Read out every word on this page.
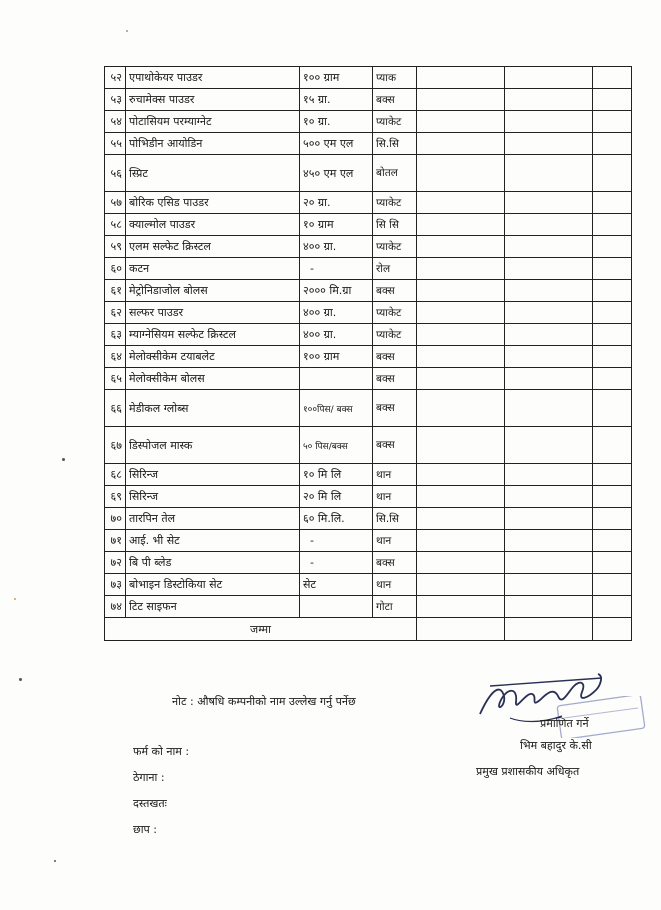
५२	एपाथोकेयर पाउडर	१०० ग्राम	प्याक			
५३	रुचामेक्स पाउडर	१५ ग्रा.	बक्स			
५४	पोटासियम परम्याग्नेट	१० ग्रा.	प्याकेट			
५५	पोभिडीन आयोडिन	५०० एम एल	सि.सि			
५६	स्प्रिट	४५० एम एल	बोतल			
५७	बोरिक एसिड पाउडर	२० ग्रा.	प्याकेट			
५८	क्याल्मोल पाउडर	१० ग्राम	सि सि			
५९	एलम सल्फेट क्रिस्टल	४०० ग्रा.	प्याकेट			
६०	कटन	-	रोल			
६१	मेट्रोनिडाजोल बोलस	२००० मि.ग्रा	बक्स			
६२	सल्फर पाउडर	४०० ग्रा.	प्याकेट			
६३	म्याग्नेसियम सल्फेट क्रिस्टल	४०० ग्रा.	प्याकेट			
६४	मेलोक्सीकेम टयाबलेट	१०० ग्राम	बक्स			
६५	मेलोक्सीकेम बोलस		बक्स			
६६	मेडीकल ग्लोब्स	१००पिस/ बक्स	बक्स			
६७	डिस्पोजल मास्क	५० पिस/बक्स	बक्स			
६८	सिरिन्ज	१० मि लि	थान			
६९	सिरिन्ज	२० मि लि	थान			
७०	तारपिन तेल	६० मि.लि.	सि.सि			
७१	आई. भी सेट	-	थान			
७२	बि पी ब्लेड	-	बक्स			
७३	बोभाइन डिस्टोकिया सेट	सेट	थान			
७४	टिट साइफन		गोटा			
जम्मा						
नोट : औषधि कम्पनीको नाम उल्लेख गर्नु पर्नेछ
फर्म को नाम :
ठेगाना :
दस्तखतः
छाप :
प्रमाणित गर्ने
भिम बहादुर के.सी
प्रमुख प्रशासकीय अधिकृत
